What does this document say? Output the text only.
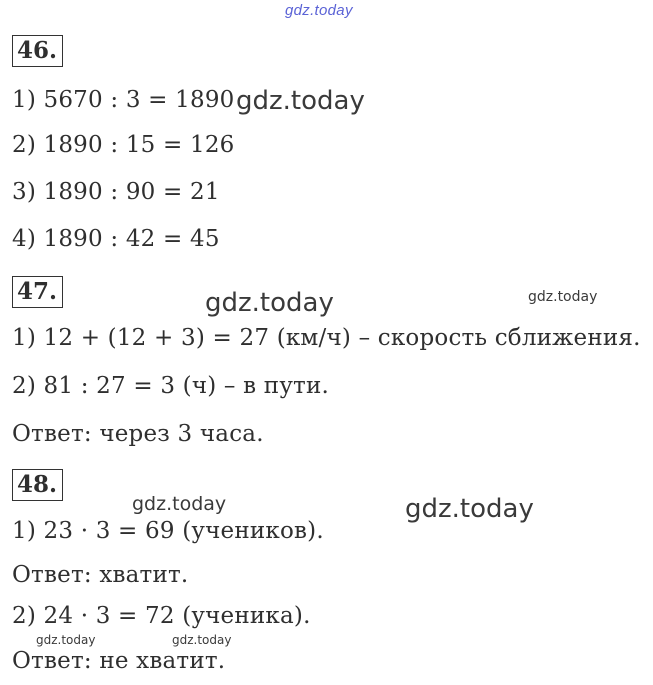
gdz.today
46 .
1) 5670 : 3 = 1890 gdz.today
2) 1890 : 15 = 126
3) 1890 : 90 = 21
4) 1890 : 42 = 45
47 .	gdz.today	gdz.today
1) 12 + (12 + 3) = 27 (км/ч) – скорость сближения.
2) 81 : 27 = 3 (ч) – в пути.
Ответ: через 3 часа.
48 .
gdz.today	gdz.today
1) 23 · 3 = 69 (учеников).
Ответ: хватит.
2) 24 · 3 = 72 (ученика).
gdz.today	gdz.today
Ответ: не хватит.
